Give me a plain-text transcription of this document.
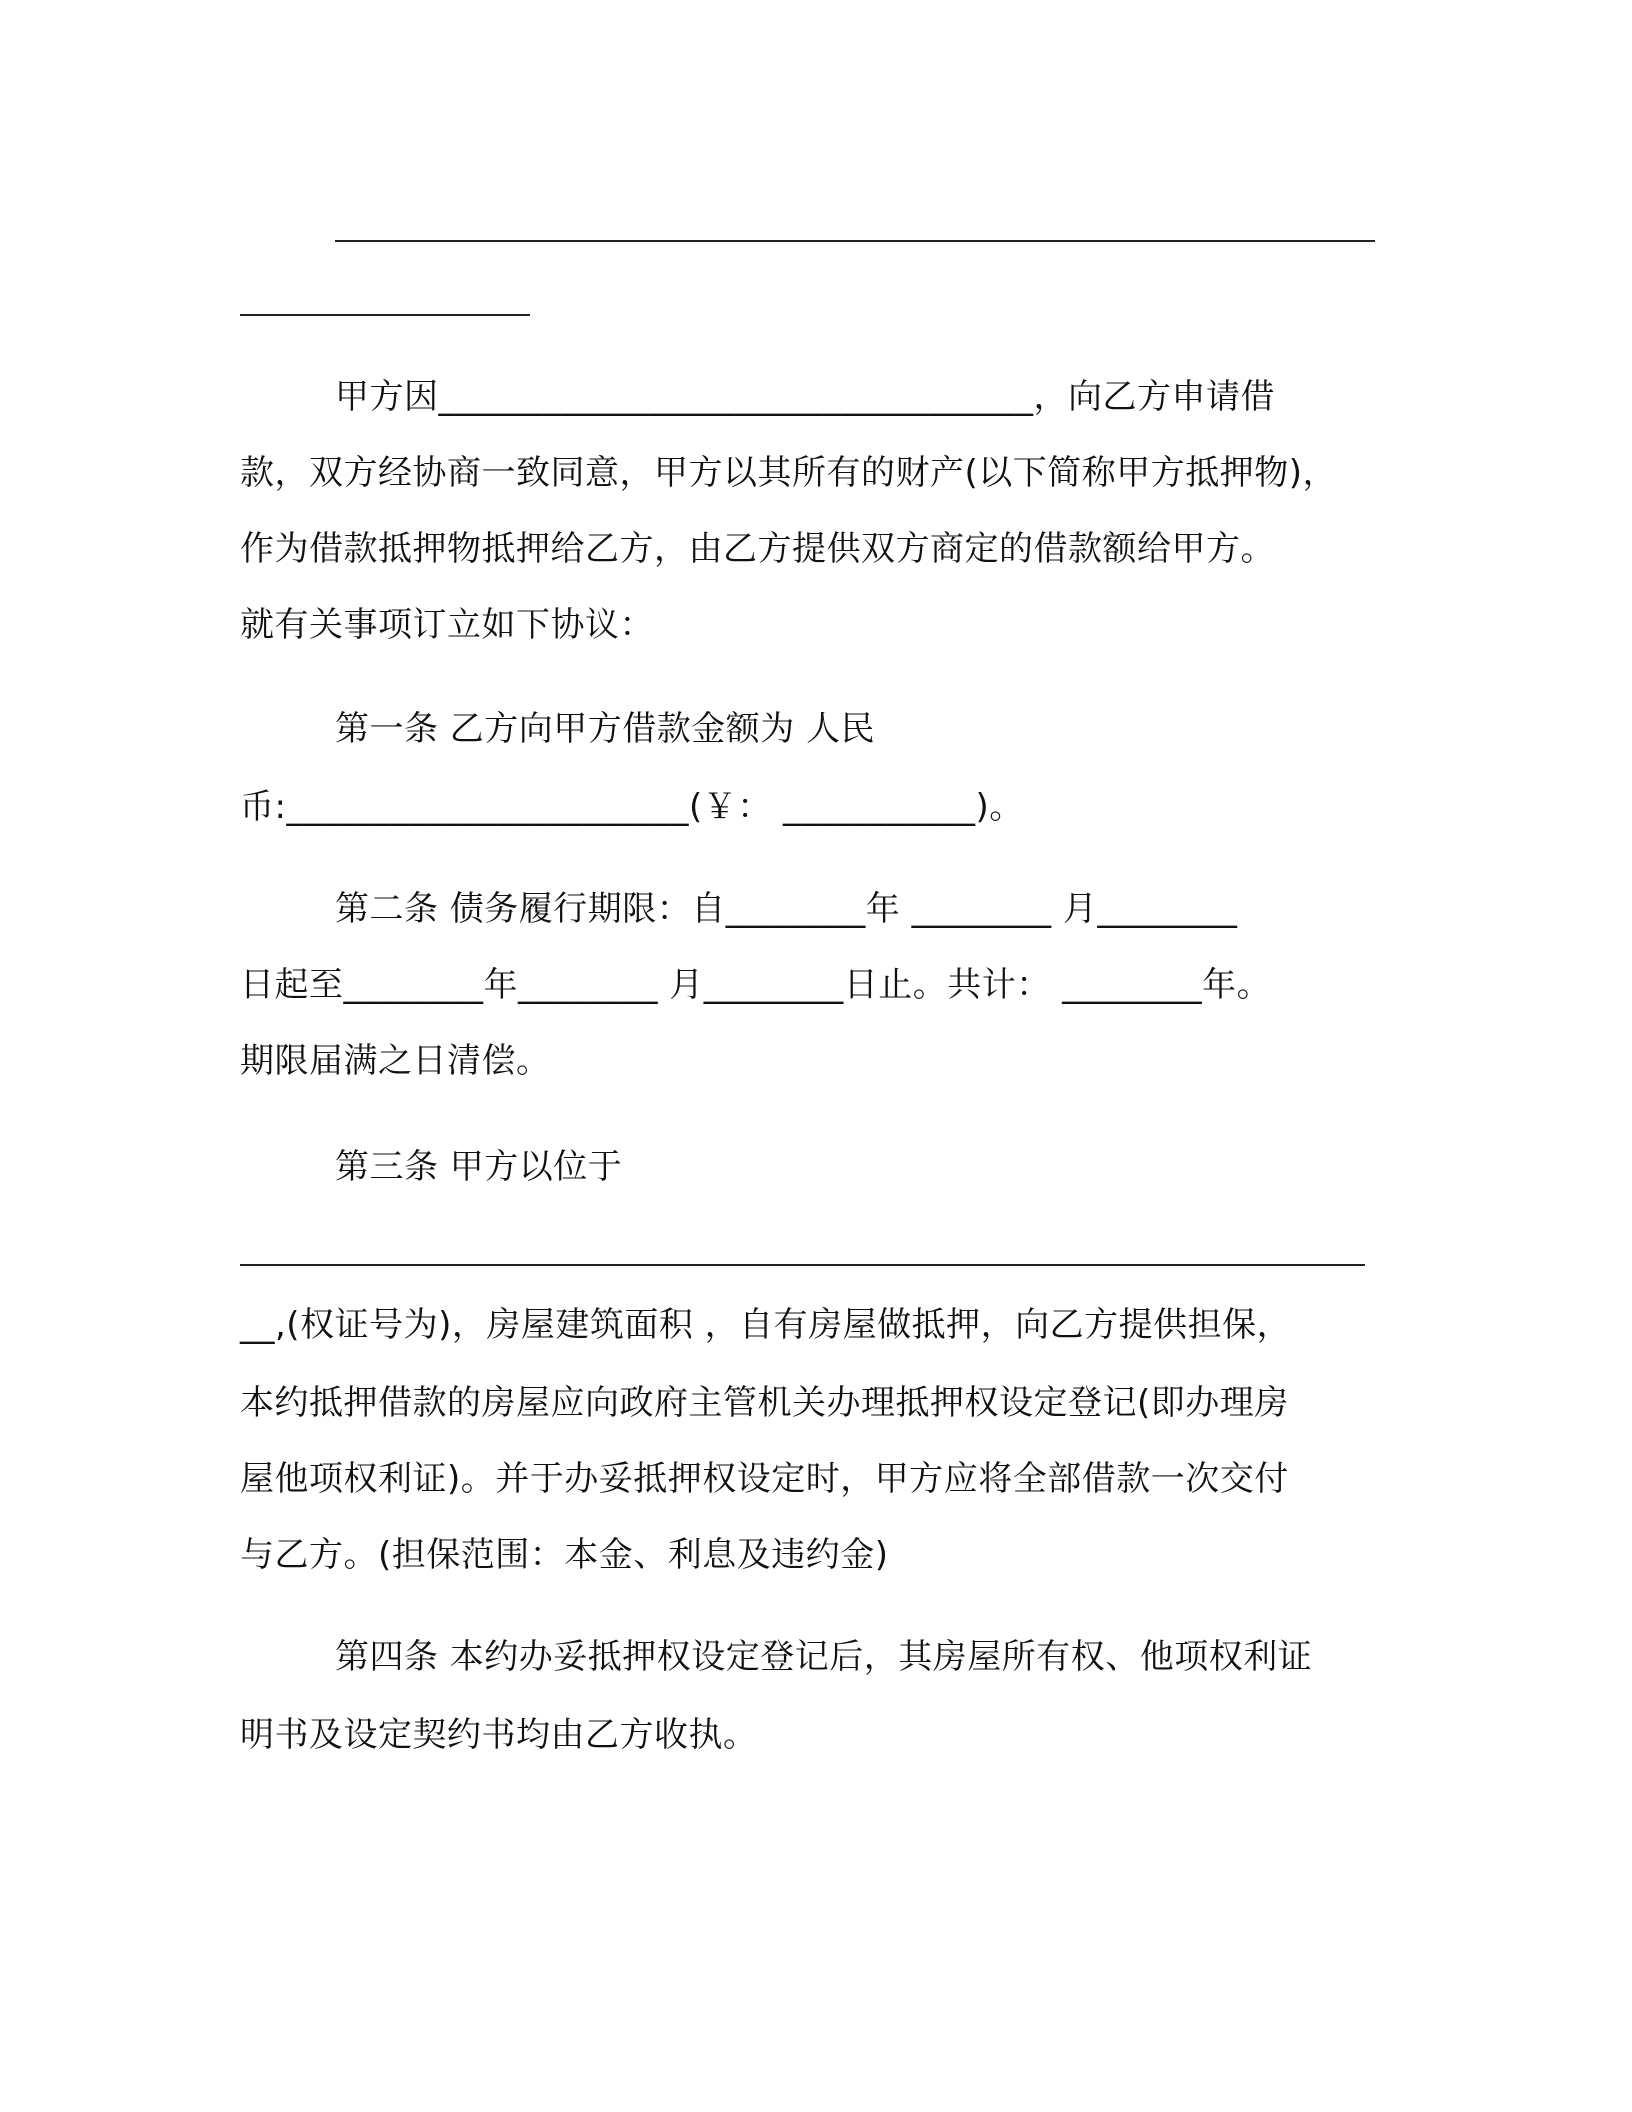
甲方因__________________________________，向乙方申请借
款，双方经协商一致同意，甲方以其所有的财产(以下简称甲方抵押物)，
作为借款抵押物抵押给乙方，由乙方提供双方商定的借款额给甲方。
就有关事项订立如下协议：
第一条 乙方向甲方借款金额为 人民
币:_______________________(￥： ___________)。
第二条 债务履行期限：自________年 ________ 月________
日起至________年________ 月________日止。共计： ________年。
期限届满之日清偿。
第三条 甲方以位于
__,(权证号为)，房屋建筑面积 ，自有房屋做抵押，向乙方提供担保，
本约抵押借款的房屋应向政府主管机关办理抵押权设定登记(即办理房
屋他项权利证)。并于办妥抵押权设定时，甲方应将全部借款一次交付
与乙方。(担保范围：本金、利息及违约金)
第四条 本约办妥抵押权设定登记后，其房屋所有权、他项权利证
明书及设定契约书均由乙方收执。
